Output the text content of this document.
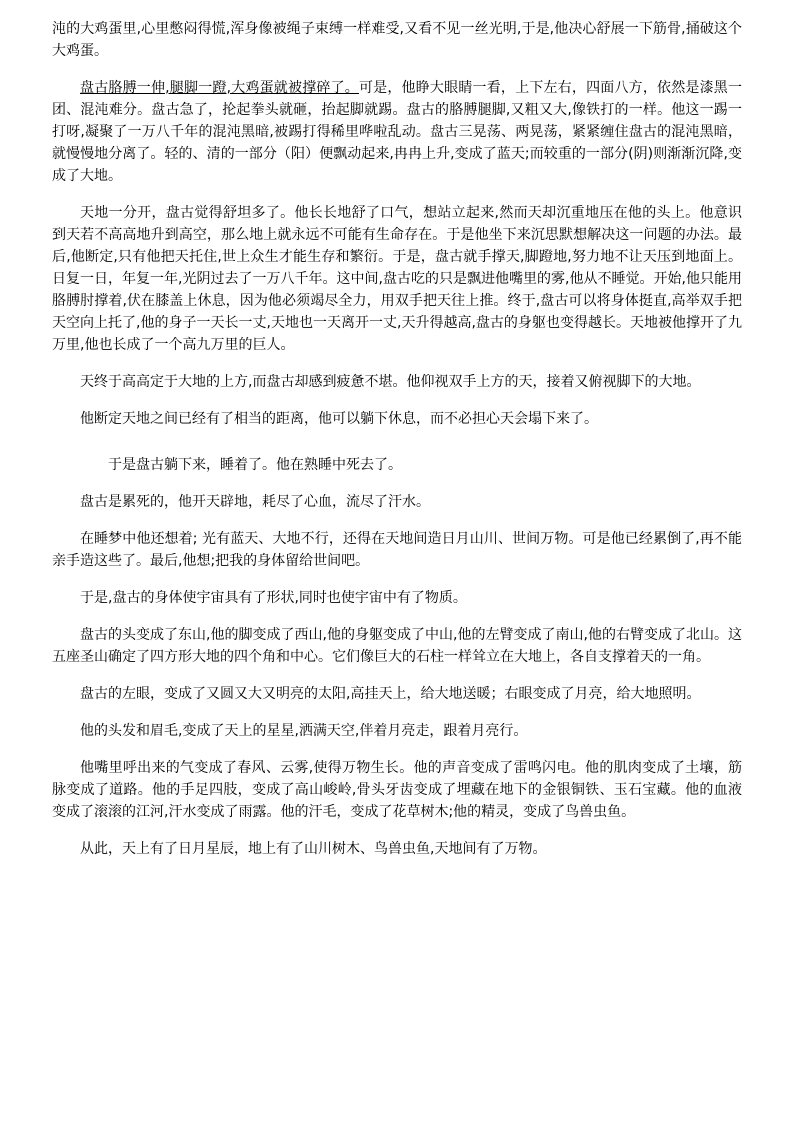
沌的大鸡蛋里,心里憋闷得慌,浑身像被绳子束缚一样难受,又看不见一丝光明,于是,他决心舒展一下筋骨,捅破这个大鸡蛋。

盘古胳膊一伸,腿脚一蹬,大鸡蛋就被撑碎了。可是，他睁大眼睛一看，上下左右，四面八方，依然是漆黑一团、混沌难分。盘古急了，抡起拳头就砸，抬起脚就踢。盘古的胳膊腿脚,又粗又大,像铁打的一样。他这一踢一打呀,凝聚了一万八千年的混沌黑暗,被踢打得稀里哗啦乱动。盘古三晃荡、两晃荡，紧紧缠住盘古的混沌黑暗，就慢慢地分离了。轻的、清的一部分（阳）便飘动起来,冉冉上升,变成了蓝天;而较重的一部分(阴)则渐渐沉降,变成了大地。

天地一分开，盘古觉得舒坦多了。他长长地舒了口气，想站立起来,然而天却沉重地压在他的头上。他意识到天若不高高地升到高空，那么地上就永远不可能有生命存在。于是他坐下来沉思默想解决这一问题的办法。最后,他断定,只有他把天托住,世上众生才能生存和繁衍。于是，盘古就手撑天,脚蹬地,努力地不让天压到地面上。日复一日，年复一年,光阴过去了一万八千年。这中间,盘古吃的只是飘进他嘴里的雾,他从不睡觉。开始,他只能用胳膊肘撑着,伏在膝盖上休息，因为他必须竭尽全力，用双手把天往上推。终于,盘古可以将身体挺直,高举双手把天空向上托了,他的身子一天长一丈,天地也一天离开一丈,天升得越高,盘古的身躯也变得越长。天地被他撑开了九万里,他也长成了一个高九万里的巨人。

天终于高高定于大地的上方,而盘古却感到疲惫不堪。他仰视双手上方的天，接着又俯视脚下的大地。

他断定天地之间已经有了相当的距离，他可以躺下休息，而不必担心天会塌下来了。

于是盘古躺下来，睡着了。他在熟睡中死去了。

盘古是累死的，他开天辟地，耗尽了心血，流尽了汗水。

在睡梦中他还想着; 光有蓝天、大地不行，还得在天地间造日月山川、世间万物。可是他已经累倒了,再不能亲手造这些了。最后,他想;把我的身体留给世间吧。

于是,盘古的身体使宇宙具有了形状,同时也使宇宙中有了物质。

盘古的头变成了东山,他的脚变成了西山,他的身躯变成了中山,他的左臂变成了南山,他的右臂变成了北山。这五座圣山确定了四方形大地的四个角和中心。它们像巨大的石柱一样耸立在大地上，各自支撑着天的一角。

盘古的左眼，变成了又圆又大又明亮的太阳,高挂天上，给大地送暖；右眼变成了月亮，给大地照明。

他的头发和眉毛,变成了天上的星星,洒满天空,伴着月亮走，跟着月亮行。

他嘴里呼出来的气变成了春风、云雾,使得万物生长。他的声音变成了雷鸣闪电。他的肌肉变成了土壤，筋脉变成了道路。他的手足四肢，变成了高山峻岭,骨头牙齿变成了埋藏在地下的金银铜铁、玉石宝藏。他的血液变成了滚滚的江河,汗水变成了雨露。他的汗毛，变成了花草树木;他的精灵，变成了鸟兽虫鱼。

从此，天上有了日月星辰，地上有了山川树木、鸟兽虫鱼,天地间有了万物。
